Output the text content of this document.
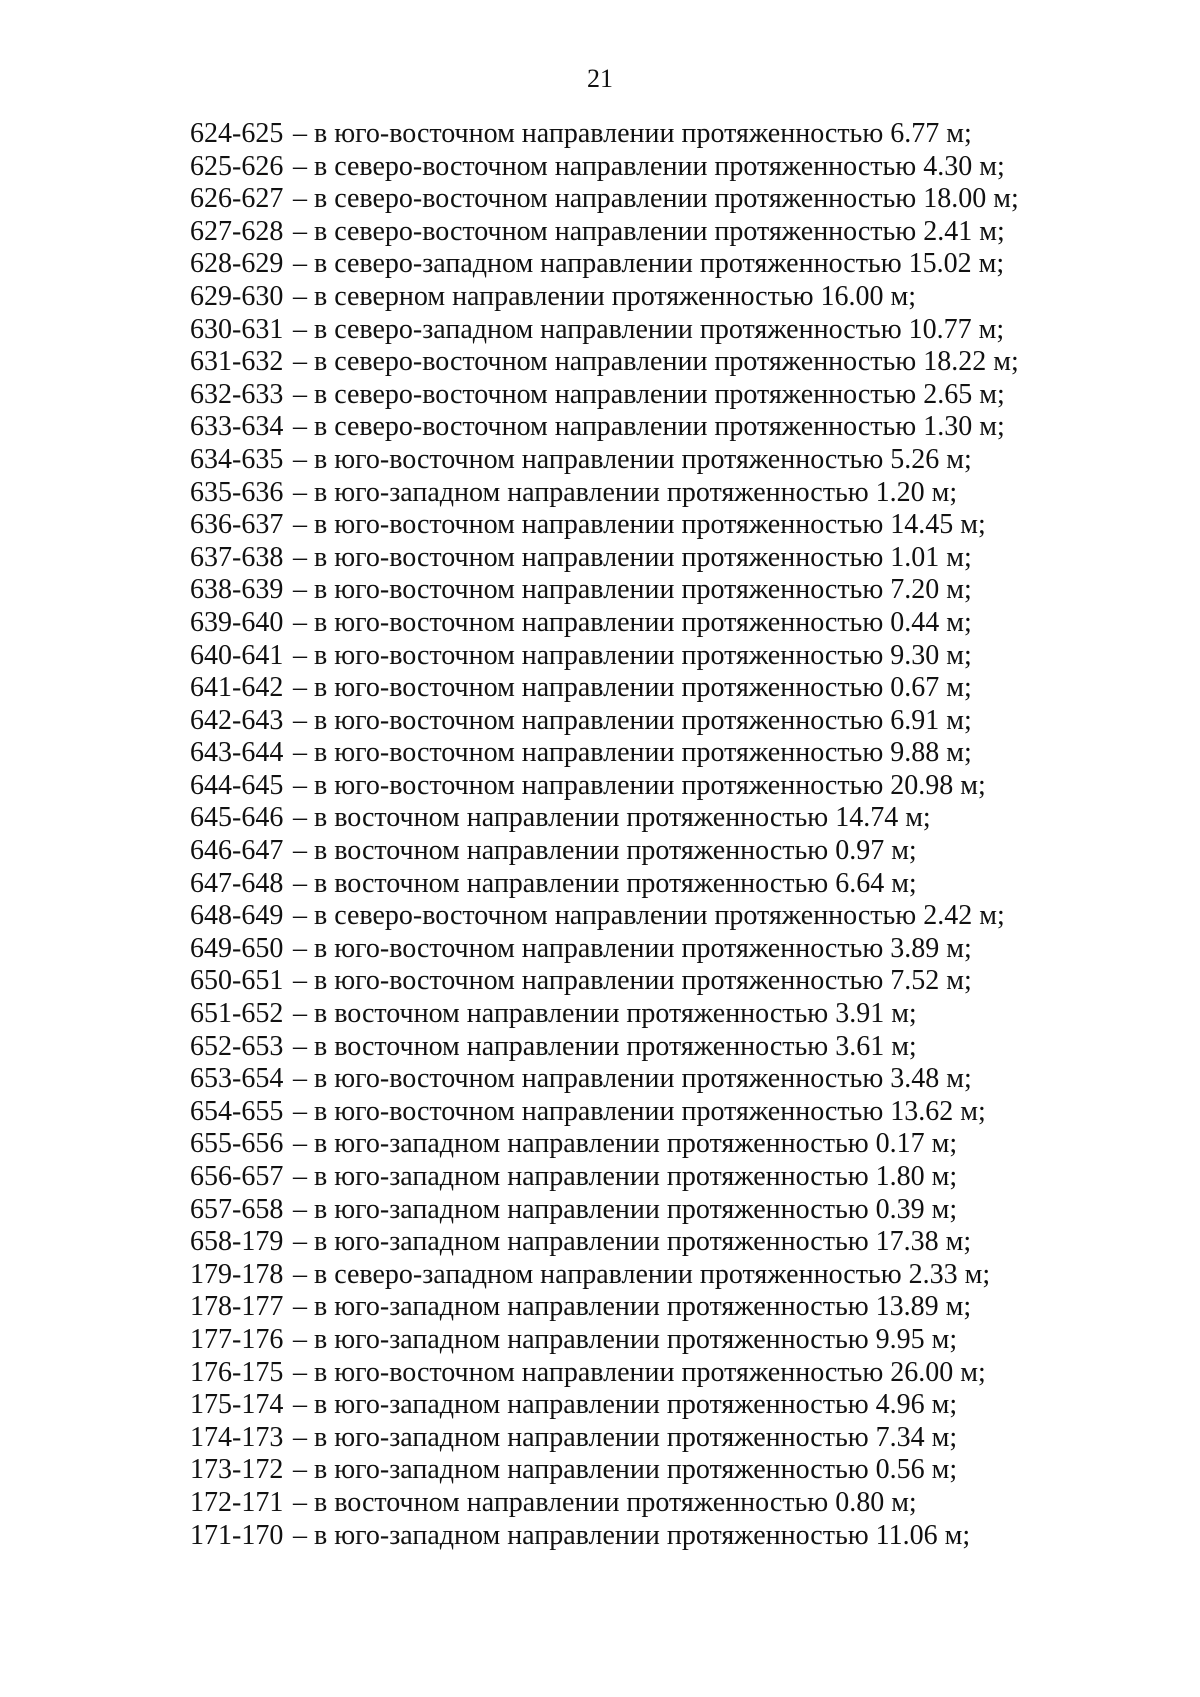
21
624-625 – в юго-восточном направлении протяженностью 6.77 м;
625-626 – в северо-восточном направлении протяженностью 4.30 м;
626-627 – в северо-восточном направлении протяженностью 18.00 м;
627-628 – в северо-восточном направлении протяженностью 2.41 м;
628-629 – в северо-западном направлении протяженностью 15.02 м;
629-630 – в северном направлении протяженностью 16.00 м;
630-631 – в северо-западном направлении протяженностью 10.77 м;
631-632 – в северо-восточном направлении протяженностью 18.22 м;
632-633 – в северо-восточном направлении протяженностью 2.65 м;
633-634 – в северо-восточном направлении протяженностью 1.30 м;
634-635 – в юго-восточном направлении протяженностью 5.26 м;
635-636 – в юго-западном направлении протяженностью 1.20 м;
636-637 – в юго-восточном направлении протяженностью 14.45 м;
637-638 – в юго-восточном направлении протяженностью 1.01 м;
638-639 – в юго-восточном направлении протяженностью 7.20 м;
639-640 – в юго-восточном направлении протяженностью 0.44 м;
640-641 – в юго-восточном направлении протяженностью 9.30 м;
641-642 – в юго-восточном направлении протяженностью 0.67 м;
642-643 – в юго-восточном направлении протяженностью 6.91 м;
643-644 – в юго-восточном направлении протяженностью 9.88 м;
644-645 – в юго-восточном направлении протяженностью 20.98 м;
645-646 – в восточном направлении протяженностью 14.74 м;
646-647 – в восточном направлении протяженностью 0.97 м;
647-648 – в восточном направлении протяженностью 6.64 м;
648-649 – в северо-восточном направлении протяженностью 2.42 м;
649-650 – в юго-восточном направлении протяженностью 3.89 м;
650-651 – в юго-восточном направлении протяженностью 7.52 м;
651-652 – в восточном направлении протяженностью 3.91 м;
652-653 – в восточном направлении протяженностью 3.61 м;
653-654 – в юго-восточном направлении протяженностью 3.48 м;
654-655 – в юго-восточном направлении протяженностью 13.62 м;
655-656 – в юго-западном направлении протяженностью 0.17 м;
656-657 – в юго-западном направлении протяженностью 1.80 м;
657-658 – в юго-западном направлении протяженностью 0.39 м;
658-179 – в юго-западном направлении протяженностью 17.38 м;
179-178 – в северо-западном направлении протяженностью 2.33 м;
178-177 – в юго-западном направлении протяженностью 13.89 м;
177-176 – в юго-западном направлении протяженностью 9.95 м;
176-175 – в юго-восточном направлении протяженностью 26.00 м;
175-174 – в юго-западном направлении протяженностью 4.96 м;
174-173 – в юго-западном направлении протяженностью 7.34 м;
173-172 – в юго-западном направлении протяженностью 0.56 м;
172-171 – в восточном направлении протяженностью 0.80 м;
171-170 – в юго-западном направлении протяженностью 11.06 м;
